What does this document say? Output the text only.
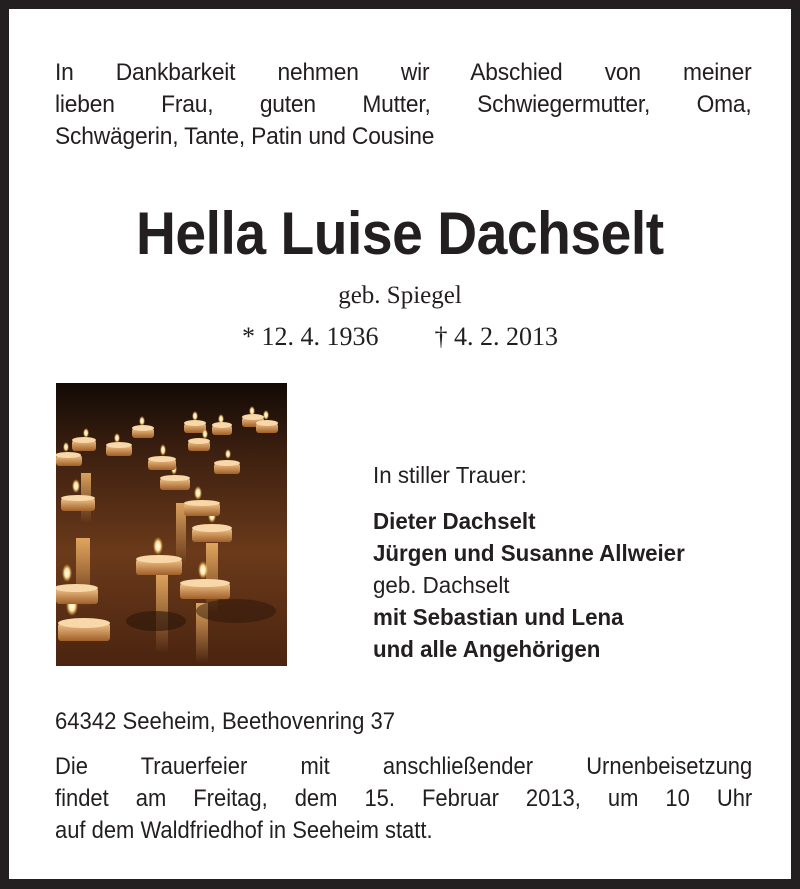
In Dankbarkeit nehmen wir Abschied von meiner
lieben Frau, guten Mutter, Schwiegermutter, Oma,
Schwägerin, Tante, Patin und Cousine
Hella Luise Dachselt
geb. Spiegel
* 12. 4. 1936 † 4. 2. 2013
In stiller Trauer:
Dieter Dachselt
Jürgen und Susanne Allweier
geb. Dachselt
mit Sebastian und Lena
und alle Angehörigen
64342 Seeheim, Beethovenring 37
Die Trauerfeier mit anschließender Urnenbeisetzung
findet am Freitag, dem 15. Februar 2013, um 10 Uhr
auf dem Waldfriedhof in Seeheim statt.
